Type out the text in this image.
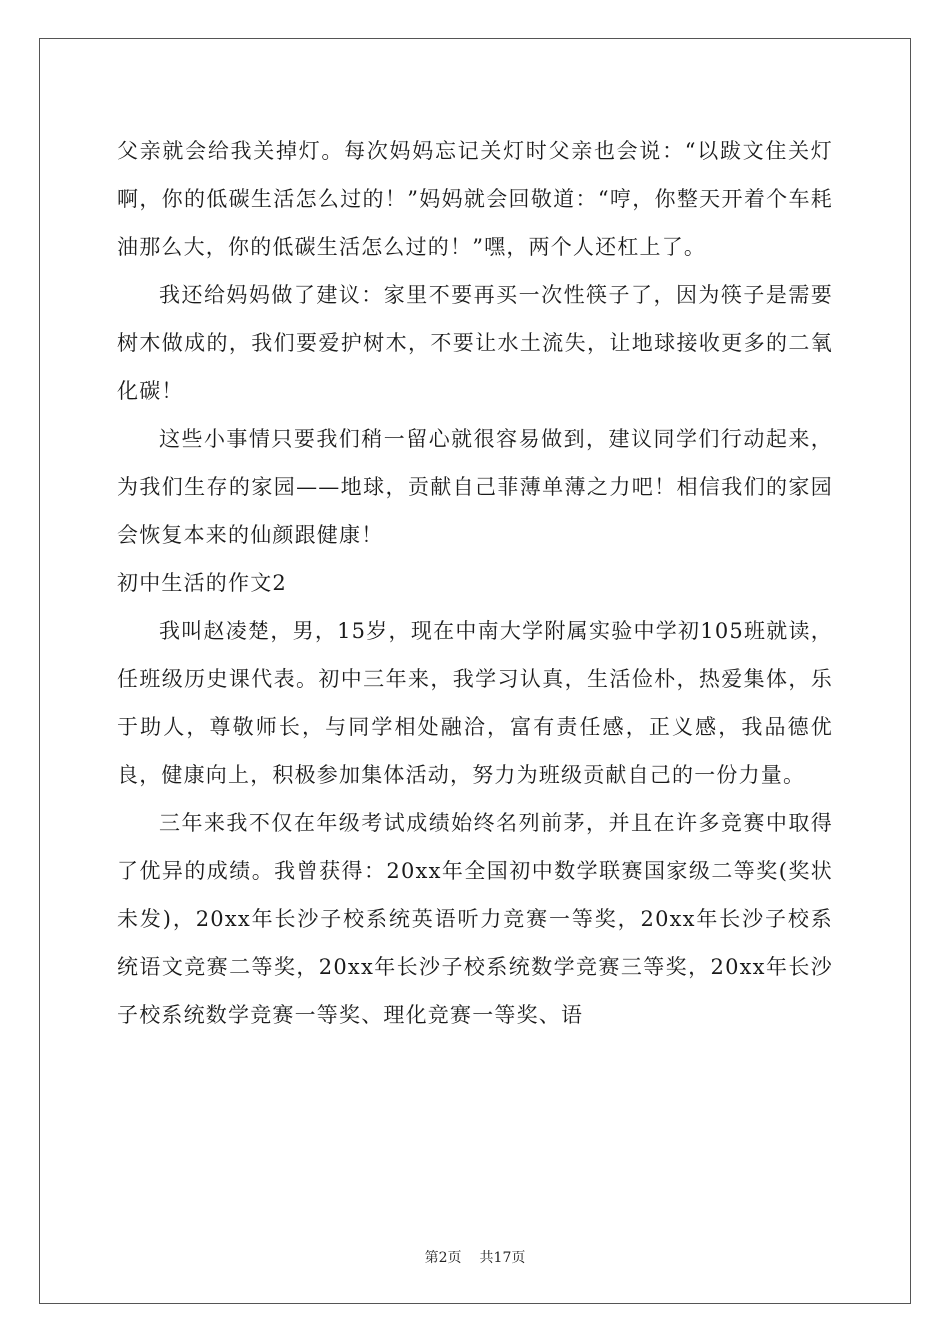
父亲就会给我关掉灯。每次妈妈忘记关灯时父亲也会说：“以跋文住关灯啊，你的低碳生活怎么过的！”妈妈就会回敬道：“哼，你整天开着个车耗油那么大，你的低碳生活怎么过的！”嘿，两个人还杠上了。

我还给妈妈做了建议：家里不要再买一次性筷子了，因为筷子是需要树木做成的，我们要爱护树木，不要让水土流失，让地球接收更多的二氧化碳！

这些小事情只要我们稍一留心就很容易做到，建议同学们行动起来，为我们生存的家园——地球，贡献自己菲薄单薄之力吧！相信我们的家园会恢复本来的仙颜跟健康！

初中生活的作文2

我叫赵凌楚，男，15岁，现在中南大学附属实验中学初105班就读，任班级历史课代表。初中三年来，我学习认真，生活俭朴，热爱集体，乐于助人，尊敬师长，与同学相处融洽，富有责任感，正义感，我品德优良，健康向上，积极参加集体活动，努力为班级贡献自己的一份力量。

三年来我不仅在年级考试成绩始终名列前茅，并且在许多竞赛中取得了优异的成绩。我曾获得：20xx年全国初中数学联赛国家级二等奖(奖状未发)，20xx年长沙子校系统英语听力竞赛一等奖，20xx年长沙子校系统语文竞赛二等奖，20xx年长沙子校系统数学竞赛三等奖，20xx年长沙子校系统数学竞赛一等奖、理化竞赛一等奖、语

第2页 共17页
